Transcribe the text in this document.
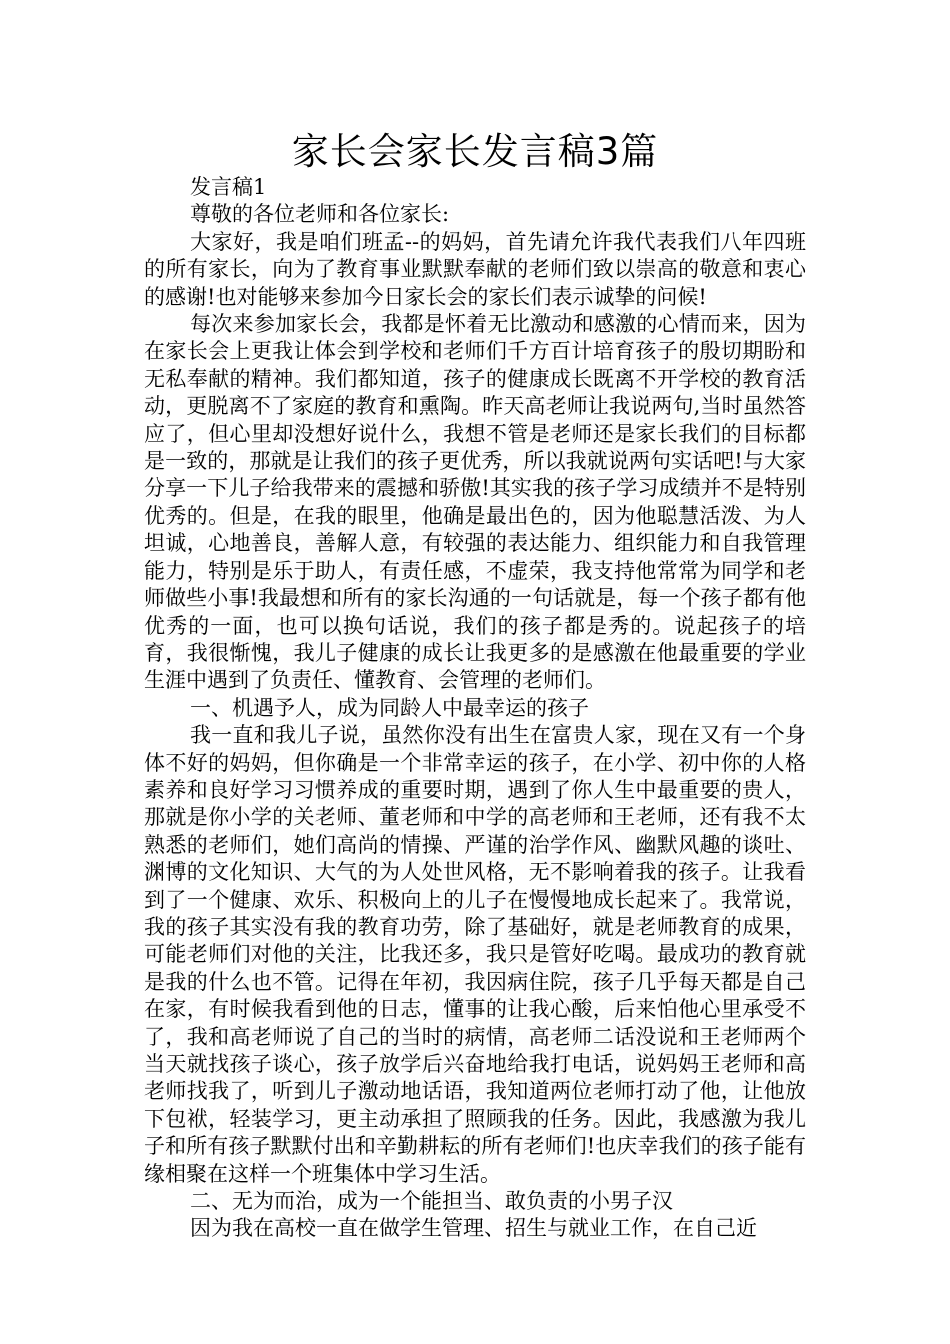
家长会家长发言稿3篇

发言稿1

尊敬的各位老师和各位家长:

大家好，我是咱们班孟--的妈妈，首先请允许我代表我们八年四班的所有家长，向为了教育事业默默奉献的老师们致以崇高的敬意和衷心的感谢!也对能够来参加今日家长会的家长们表示诚挚的问候!

每次来参加家长会，我都是怀着无比激动和感激的心情而来，因为在家长会上更我让体会到学校和老师们千方百计培育孩子的殷切期盼和无私奉献的精神。我们都知道，孩子的健康成长既离不开学校的教育活动，更脱离不了家庭的教育和熏陶。昨天高老师让我说两句,当时虽然答应了，但心里却没想好说什么，我想不管是老师还是家长我们的目标都是一致的，那就是让我们的孩子更优秀，所以我就说两句实话吧!与大家分享一下儿子给我带来的震撼和骄傲!其实我的孩子学习成绩并不是特别优秀的。但是，在我的眼里，他确是最出色的，因为他聪慧活泼、为人坦诚，心地善良，善解人意，有较强的表达能力、组织能力和自我管理能力，特别是乐于助人，有责任感，不虚荣，我支持他常常为同学和老师做些小事!我最想和所有的家长沟通的一句话就是，每一个孩子都有他优秀的一面，也可以换句话说，我们的孩子都是秀的。说起孩子的培育，我很惭愧，我儿子健康的成长让我更多的是感激在他最重要的学业生涯中遇到了负责任、懂教育、会管理的老师们。

一、机遇予人，成为同龄人中最幸运的孩子

我一直和我儿子说，虽然你没有出生在富贵人家，现在又有一个身体不好的妈妈，但你确是一个非常幸运的孩子，在小学、初中你的人格素养和良好学习习惯养成的重要时期，遇到了你人生中最重要的贵人，那就是你小学的关老师、董老师和中学的高老师和王老师，还有我不太熟悉的老师们，她们高尚的情操、严谨的治学作风、幽默风趣的谈吐、渊博的文化知识、大气的为人处世风格，无不影响着我的孩子。让我看到了一个健康、欢乐、积极向上的儿子在慢慢地成长起来了。我常说，我的孩子其实没有我的教育功劳，除了基础好，就是老师教育的成果，可能老师们对他的关注，比我还多，我只是管好吃喝。最成功的教育就是我的什么也不管。记得在年初，我因病住院，孩子几乎每天都是自己在家，有时候我看到他的日志，懂事的让我心酸，后来怕他心里承受不了，我和高老师说了自己的当时的病情，高老师二话没说和王老师两个当天就找孩子谈心，孩子放学后兴奋地给我打电话，说妈妈王老师和高老师找我了，听到儿子激动地话语，我知道两位老师打动了他，让他放下包袱，轻装学习，更主动承担了照顾我的任务。因此，我感激为我儿子和所有孩子默默付出和辛勤耕耘的所有老师们!也庆幸我们的孩子能有缘相聚在这样一个班集体中学习生活。

二、无为而治，成为一个能担当、敢负责的小男子汉

因为我在高校一直在做学生管理、招生与就业工作，在自己近
